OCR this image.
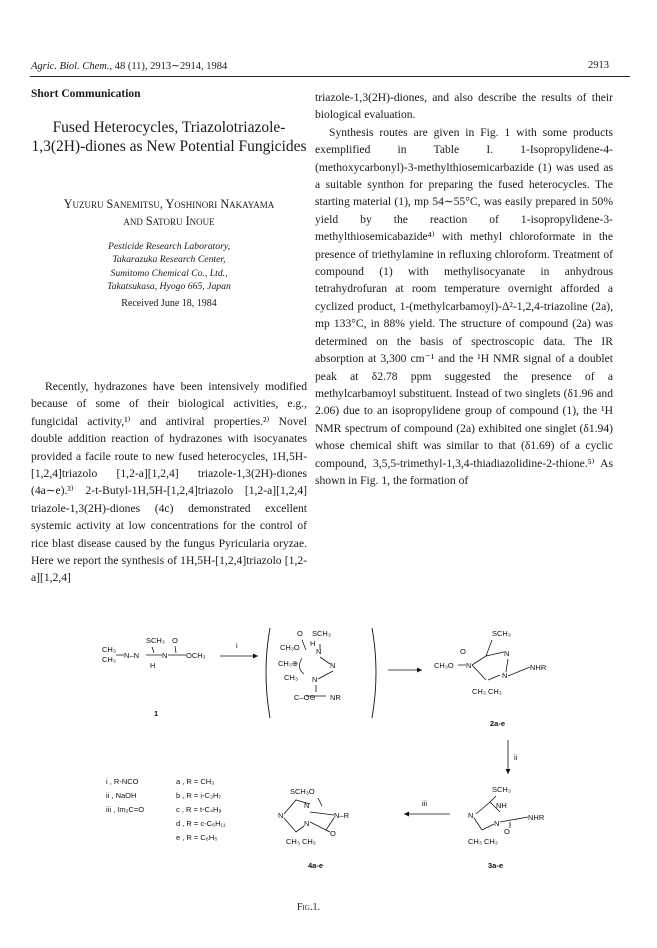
Agric. Biol. Chem., 48 (11), 2913∼2914, 1984	2913
Short Communication
Fused Heterocycles, Triazolotriazole-1,3(2H)-diones as New Potential Fungicides
Yuzuru Sanemitsu, Yoshinori Nakayama
and Satoru Inoue
Pesticide Research Laboratory,
Takarazuka Research Center,
Sumitomo Chemical Co., Ltd.,
Takatsukasa, Hyogo 665, Japan
Received June 18, 1984

Recently, hydrazones have been intensively modified because of some of their biological activities, e.g., fungicidal activity,¹⁾ and antiviral properties.²⁾ Novel double addition reaction of hydrazones with isocyanates provided a facile route to new fused heterocycles, 1H,5H-[1,2,4]triazolo [1,2-a][1,2,4] triazole-1,3(2H)-diones (4a∼e).³⁾ 2-t-Butyl-1H,5H-[1,2,4]triazolo [1,2-a][1,2,4] triazole-1,3(2H)-diones (4c) demonstrated excellent systemic activity at low concentrations for the control of rice blast disease caused by the fungus Pyricularia oryzae. Here we report the synthesis of 1H,5H-[1,2,4]triazolo [1,2-a][1,2,4]

triazole-1,3(2H)-diones, and also describe the results of their biological evaluation.

Synthesis routes are given in Fig. 1 with some products exemplified in Table I. 1-Isopropylidene-4- (methoxycarbonyl)-3-methylthiosemicarbazide (1) was used as a suitable synthon for preparing the fused heterocycles. The starting material (1), mp 54∼55°C, was easily prepared in 50% yield by the reaction of 1-isopropylidene-3-methylthiosemicabazide⁴⁾ with methyl chloroformate in the presence of triethylamine in refluxing chloroform. Treatment of compound (1) with methylisocyanate in anhydrous tetrahydrofuran at room temperature overnight afforded a cyclized product, 1-(methylcarbamoyl)-Δ²-1,2,4-triazoline (2a), mp 133°C, in 88% yield. The structure of compound (2a) was determined on the basis of spectroscopic data. The IR absorption at 3,300 cm⁻¹ and the ¹H NMR signal of a doublet peak at δ2.78 ppm suggested the presence of a methylcarbamoyl substituent. Instead of two singlets (δ1.96 and 2.06) due to an isopropylidene group of compound (1), the ¹H NMR spectrum of compound (2a) exhibited one singlet (δ1.94) whose chemical shift was similar to that (δ1.69) of a cyclic compound, 3,5,5-trimethyl-1,3,4-thiadiazolidine-2-thione.⁵⁾ As shown in Fig. 1, the formation of

CH₃
CH₃ N–N
SCH₃ O
H
N OCH₃
1
i
O SCH₃
CH₃O H
N
CH₃⊕	N
CH₃ N
C–O⊖ NR
SCH₃
O
CH₃O N
N
N
NHR
CH₃ CH₃
2a-e
ii
SCH₃
N
NH
N
NHR
CH₃ CH₃
O
3a-e
iii
SCH₃O
N
N
N
N–R
O
CH₃ CH₃
4a-e
i , R-NCO
ii , NaOH
iii , Im₂C=O
a , R = CH₃
b , R = i-C₃H₇
c , R = t-C₄H₉
d , R = c-C₆H₁₁
e , R = C₆H₅
Fig.1.
